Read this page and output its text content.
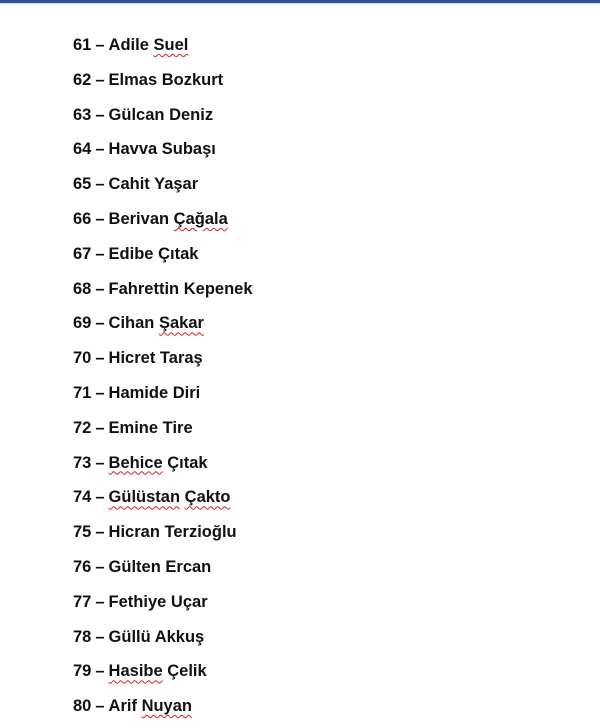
61 – Adile Suel
62 – Elmas Bozkurt
63 – Gülcan Deniz
64 – Havva Subaşı
65 – Cahit Yaşar
66 – Berivan Çağala
67 – Edibe Çıtak
68 – Fahrettin Kepenek
69 – Cihan Şakar
70 – Hicret Taraş
71 – Hamide Diri
72 – Emine Tire
73 – Behice Çıtak
74 – Gülüstan Çakto
75 – Hicran Terzioğlu
76 – Gülten Ercan
77 – Fethiye Uçar
78 – Güllü Akkuş
79 – Hasibe Çelik
80 – Arif Nuyan
